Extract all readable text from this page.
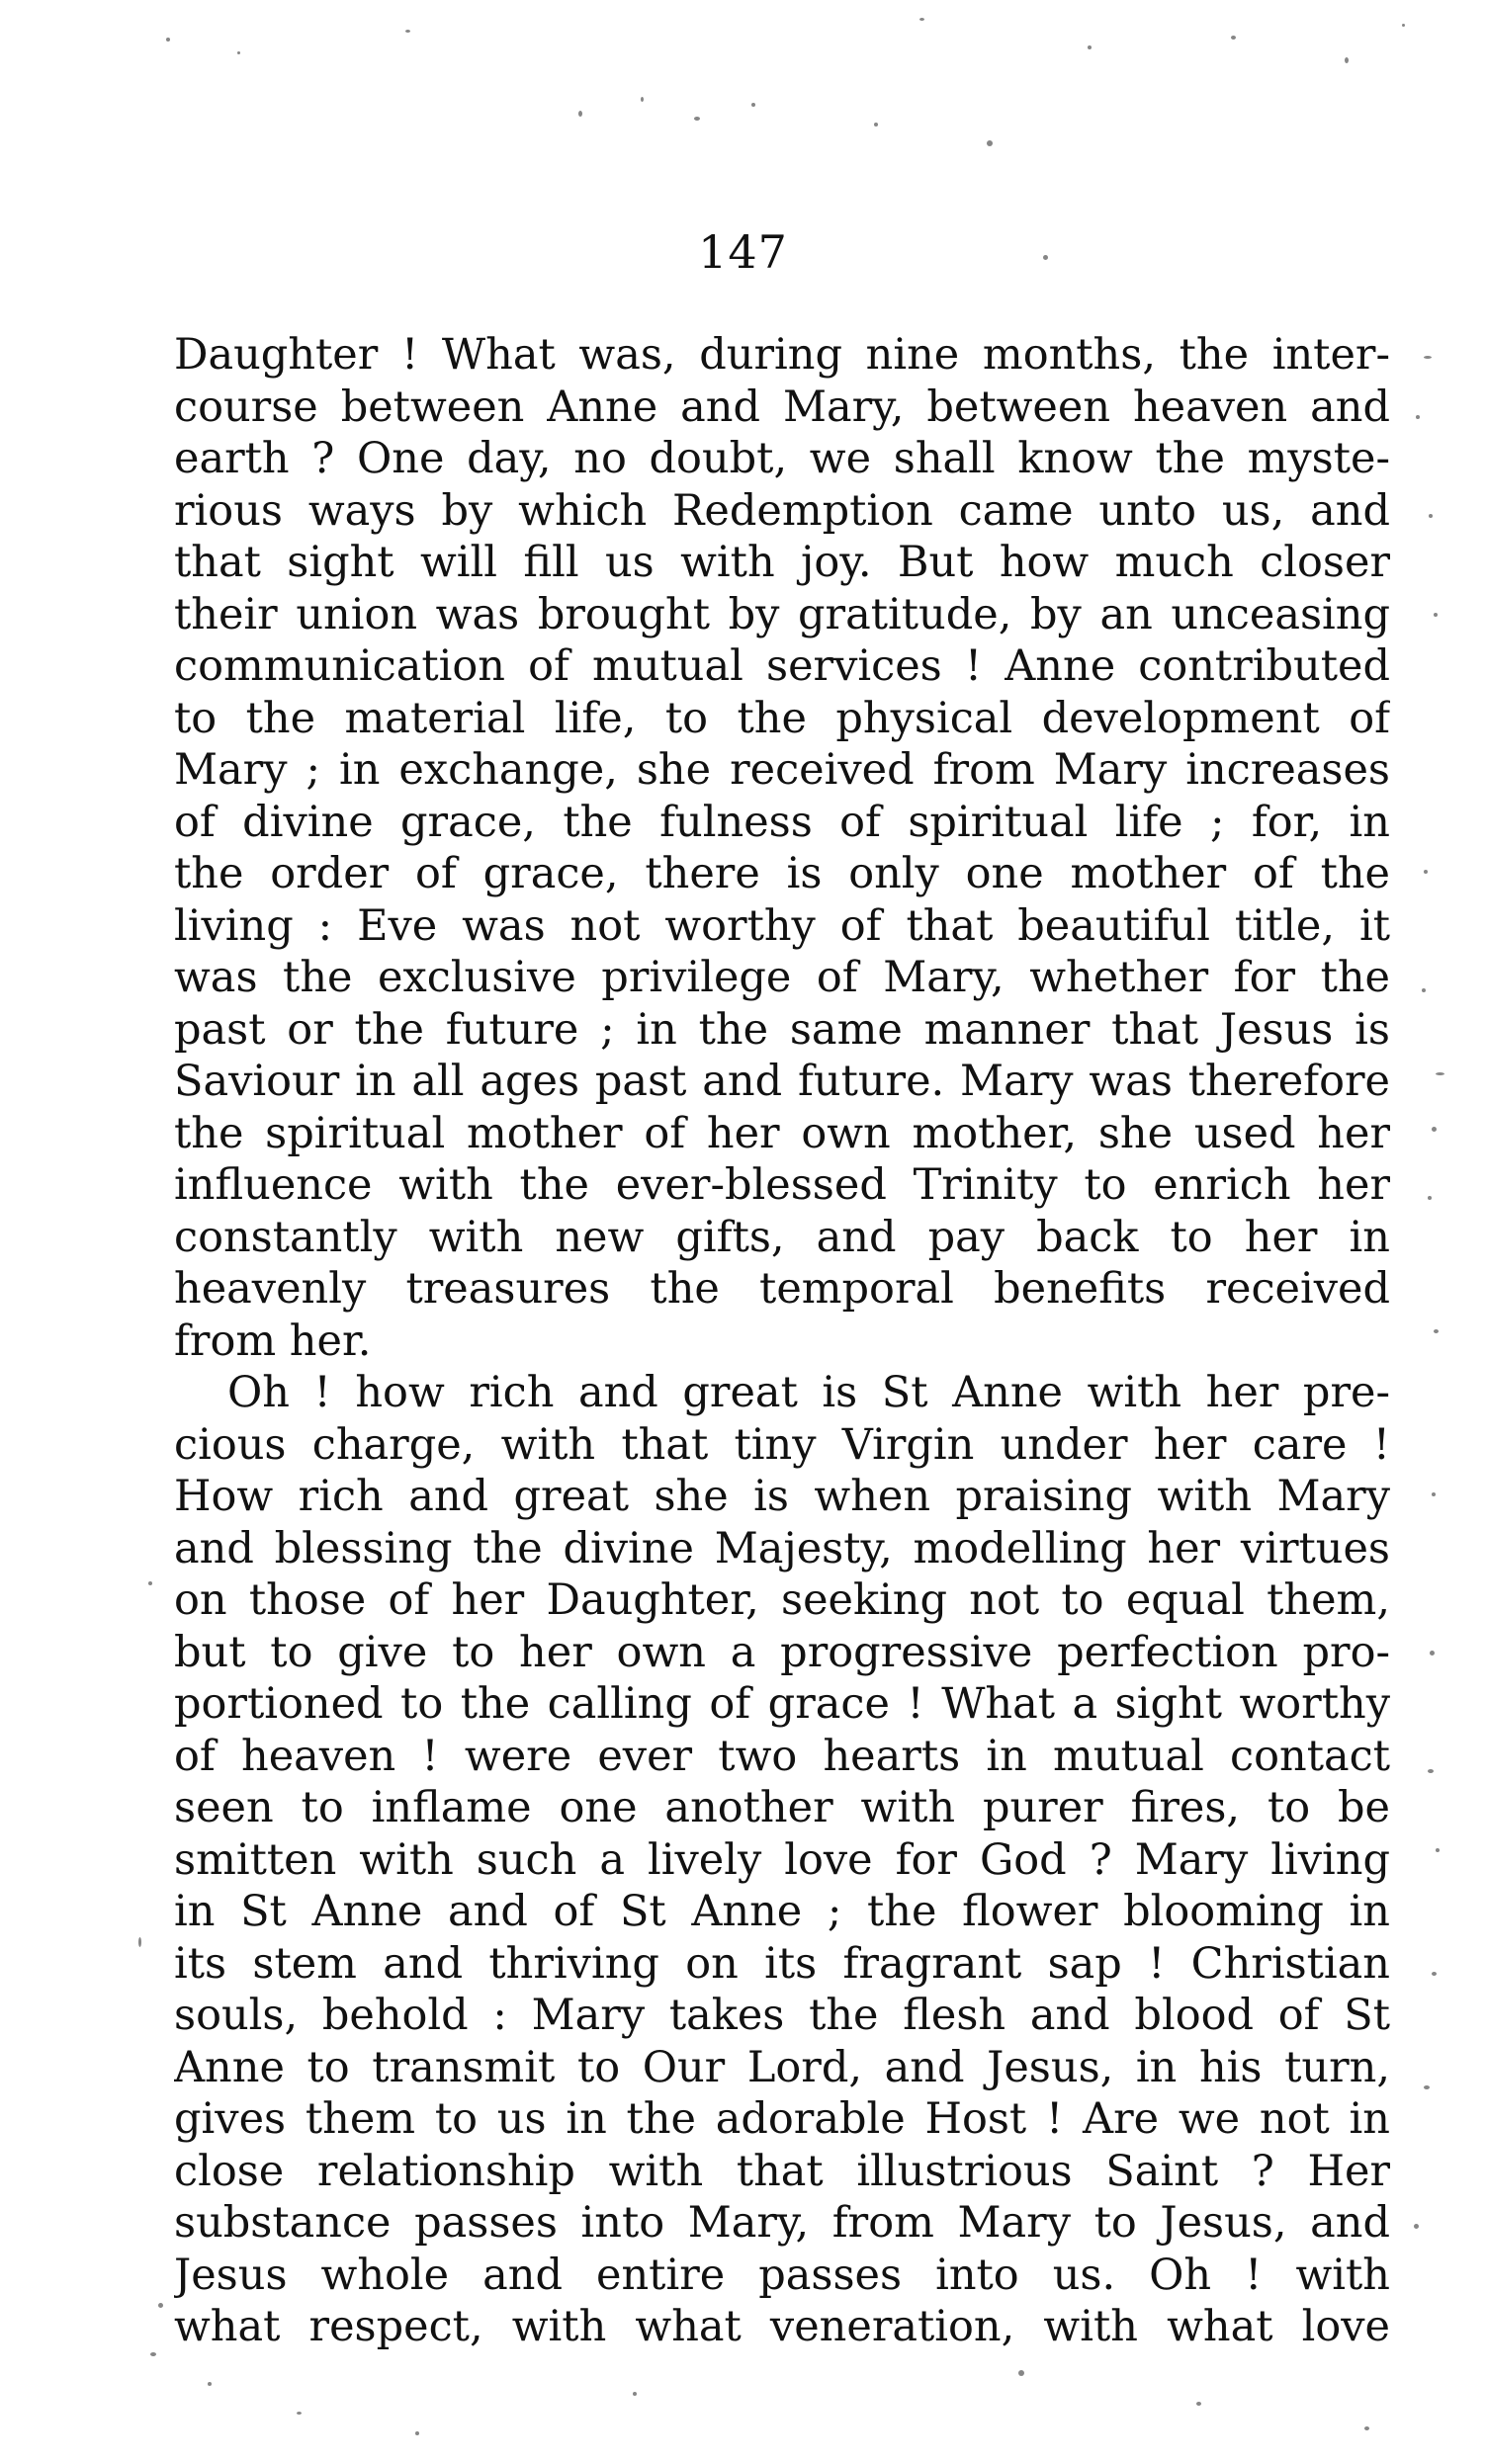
147

Daughter ! What was, during nine months, the inter-
course between Anne and Mary, between heaven and
earth ? One day, no doubt, we shall know the myste-
rious ways by which Redemption came unto us, and
that sight will fill us with joy. But how much closer
their union was brought by gratitude, by an unceasing
communication of mutual services ! Anne contributed
to the material life, to the physical development of
Mary ; in exchange, she received from Mary increases
of divine grace, the fulness of spiritual life ; for, in
the order of grace, there is only one mother of the
living : Eve was not worthy of that beautiful title, it
was the exclusive privilege of Mary, whether for the
past or the future ; in the same manner that Jesus is
Saviour in all ages past and future. Mary was therefore
the spiritual mother of her own mother, she used her
influence with the ever-blessed Trinity to enrich her
constantly with new gifts, and pay back to her in
heavenly treasures the temporal benefits received
from her.

Oh ! how rich and great is St Anne with her pre-
cious charge, with that tiny Virgin under her care !
How rich and great she is when praising with Mary
and blessing the divine Majesty, modelling her virtues
on those of her Daughter, seeking not to equal them,
but to give to her own a progressive perfection pro-
portioned to the calling of grace ! What a sight worthy
of heaven ! were ever two hearts in mutual contact
seen to inflame one another with purer fires, to be
smitten with such a lively love for God ? Mary living
in St Anne and of St Anne ; the flower blooming in
its stem and thriving on its fragrant sap ! Christian
souls, behold : Mary takes the flesh and blood of St
Anne to transmit to Our Lord, and Jesus, in his turn,
gives them to us in the adorable Host ! Are we not in
close relationship with that illustrious Saint ? Her
substance passes into Mary, from Mary to Jesus, and
Jesus whole and entire passes into us. Oh ! with
what respect, with what veneration, with what love
